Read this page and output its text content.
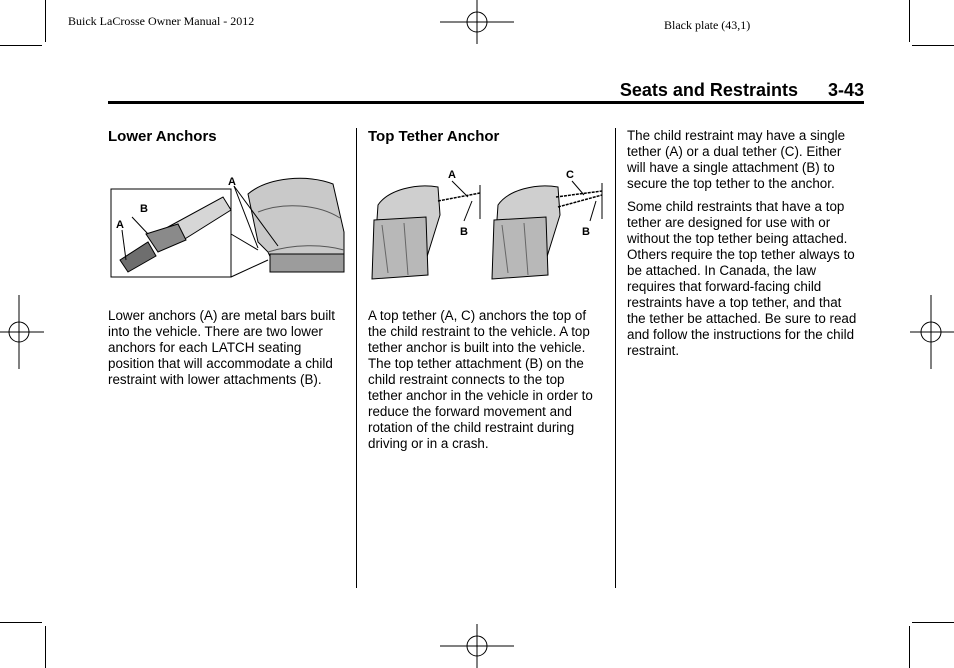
Buick LaCrosse Owner Manual - 2012	Black plate (43,1)
Seats and Restraints 3-43
Lower Anchors
A
B
A

Lower anchors (A) are metal bars built into the vehicle. There are two lower anchors for each LATCH seating position that will accommodate a child restraint with lower attachments (B).

Top Tether Anchor
A
B
C
B

A top tether (A, C) anchors the top of the child restraint to the vehicle. A top tether anchor is built into the vehicle. The top tether attachment (B) on the child restraint connects to the top tether anchor in the vehicle in order to reduce the forward movement and rotation of the child restraint during driving or in a crash.

The child restraint may have a single tether (A) or a dual tether (C). Either will have a single attachment (B) to secure the top tether to the anchor.

Some child restraints that have a top tether are designed for use with or without the top tether being attached. Others require the top tether always to be attached. In Canada, the law requires that forward-facing child restraints have a top tether, and that the tether be attached. Be sure to read and follow the instructions for the child restraint.
